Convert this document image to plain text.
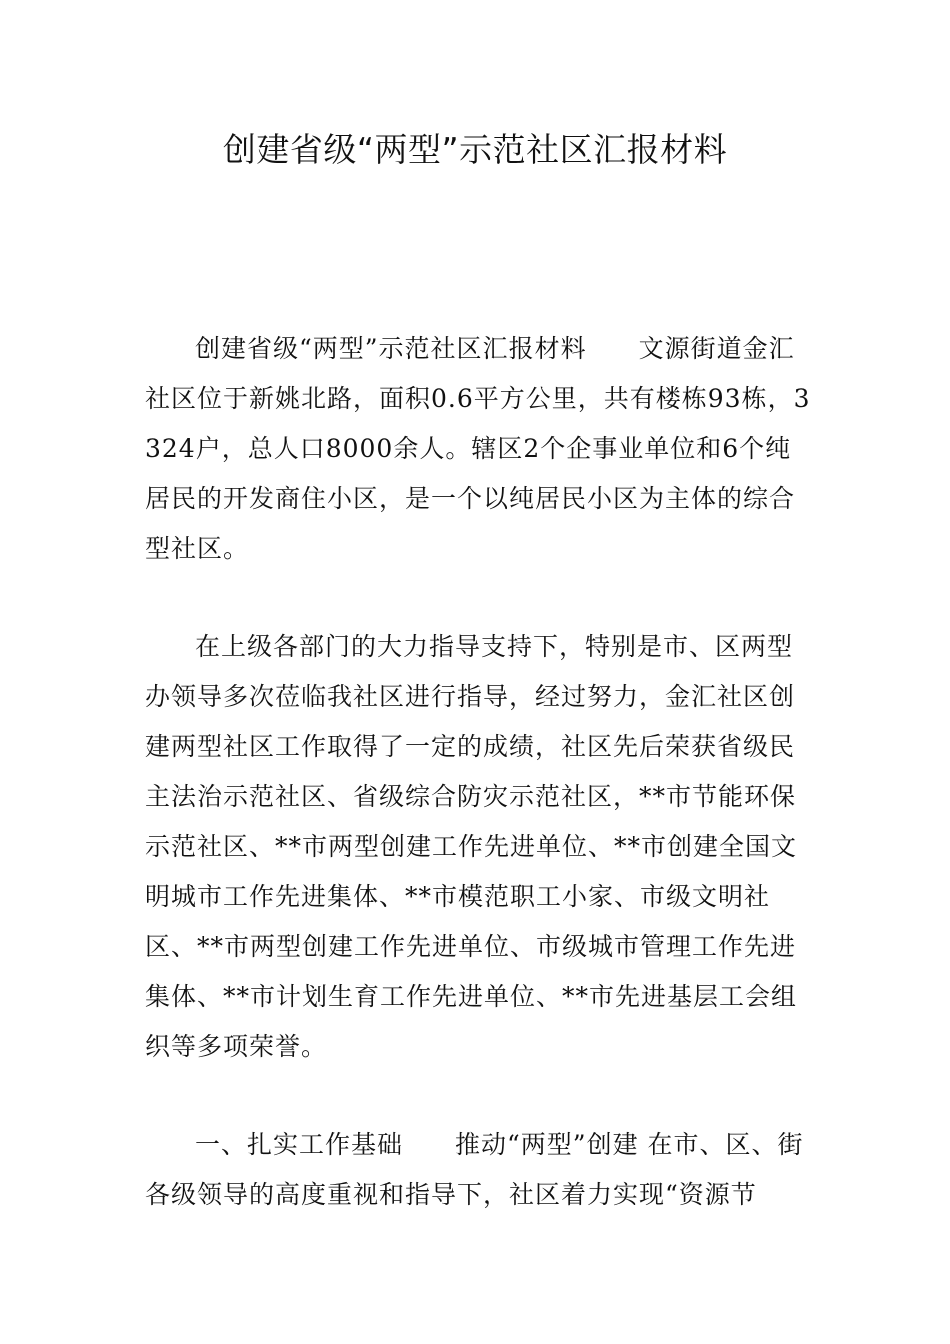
创建省级“两型”示范社区汇报材料

创建省级“两型”示范社区汇报材料　　文源街道金汇社区位于新姚北路，面积0.6平方公里，共有楼栋93栋，3324户，总人口8000余人。辖区2个企事业单位和6个纯居民的开发商住小区，是一个以纯居民小区为主体的综合型社区。

在上级各部门的大力指导支持下，特别是市、区两型办领导多次莅临我社区进行指导，经过努力，金汇社区创建两型社区工作取得了一定的成绩，社区先后荣获省级民主法治示范社区、省级综合防灾示范社区，**市节能环保示范社区、**市两型创建工作先进单位、**市创建全国文明城市工作先进集体、**市模范职工小家、市级文明社区、**市两型创建工作先进单位、市级城市管理工作先进集体、**市计划生育工作先进单位、**市先进基层工会组织等多项荣誉。

一、扎实工作基础　　推动“两型”创建 在市、区、街各级领导的高度重视和指导下，社区着力实现“资源节
